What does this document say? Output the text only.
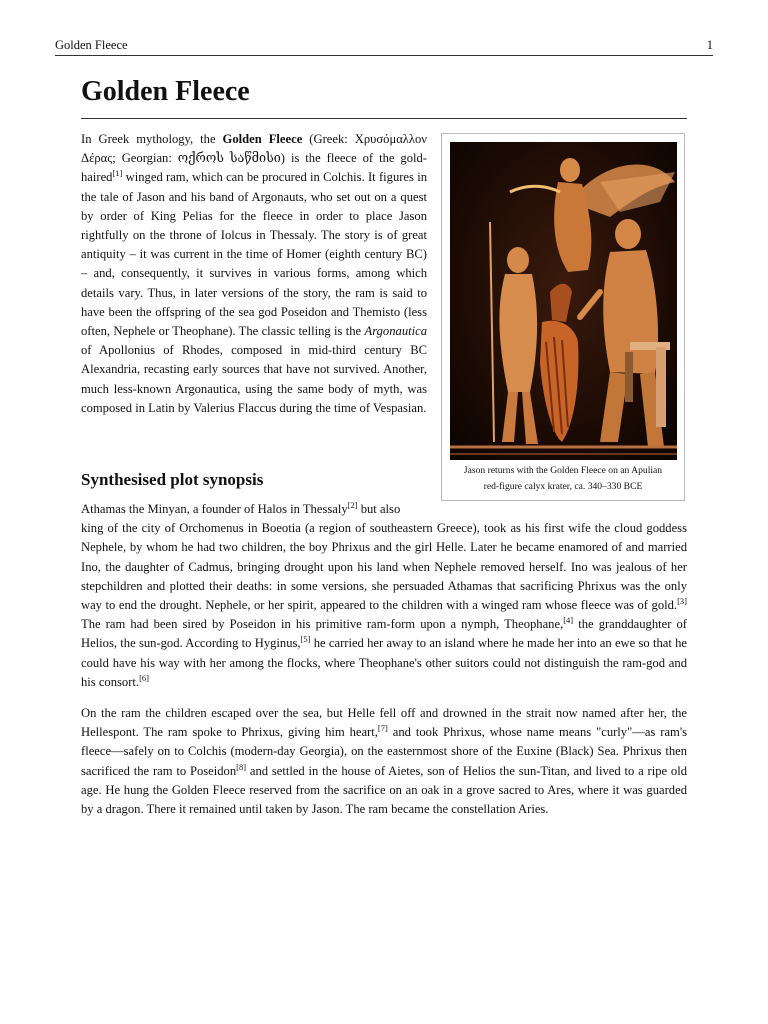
Golden Fleece	1
Golden Fleece

In Greek mythology, the Golden Fleece (Greek: Χρυσόμαλλον Δέρας; Georgian: ოქროს საწმისი) is the fleece of the gold-haired[1] winged ram, which can be procured in Colchis. It figures in the tale of Jason and his band of Argonauts, who set out on a quest by order of King Pelias for the fleece in order to place Jason rightfully on the throne of Iolcus in Thessaly. The story is of great antiquity – it was current in the time of Homer (eighth century BC) – and, consequently, it survives in various forms, among which details vary. Thus, in later versions of the story, the ram is said to have been the offspring of the sea god Poseidon and Themisto (less often, Nephele or Theophane). The classic telling is the Argonautica of Apollonius of Rhodes, composed in mid-third century BC Alexandria, recasting early sources that have not survived. Another, much less-known Argonautica, using the same body of myth, was composed in Latin by Valerius Flaccus during the time of Vespasian.

Jason returns with the Golden Fleece on an Apulian
red-figure calyx krater, ca. 340–330 BCE
Synthesised plot synopsis

Athamas the Minyan, a founder of Halos in Thessaly[2] but also
king of the city of Orchomenus in Boeotia (a region of southeastern Greece), took as his first wife the cloud goddess Nephele, by whom he had two children, the boy Phrixus and the girl Helle. Later he became enamored of and married Ino, the daughter of Cadmus, bringing drought upon his land when Nephele removed herself. Ino was jealous of her stepchildren and plotted their deaths: in some versions, she persuaded Athamas that sacrificing Phrixus was the only way to end the drought. Nephele, or her spirit, appeared to the children with a winged ram whose fleece was of gold.[3] The ram had been sired by Poseidon in his primitive ram-form upon a nymph, Theophane,[4] the granddaughter of Helios, the sun-god. According to Hyginus,[5] he carried her away to an island where he made her into an ewe so that he could have his way with her among the flocks, where Theophane's other suitors could not distinguish the ram-god and his consort.[6]

On the ram the children escaped over the sea, but Helle fell off and drowned in the strait now named after her, the Hellespont. The ram spoke to Phrixus, giving him heart,[7] and took Phrixus, whose name means "curly"―as ram's fleece―safely on to Colchis (modern-day Georgia), on the easternmost shore of the Euxine (Black) Sea. Phrixus then sacrificed the ram to Poseidon[8] and settled in the house of Aietes, son of Helios the sun-Titan, and lived to a ripe old age. He hung the Golden Fleece reserved from the sacrifice on an oak in a grove sacred to Ares, where it was guarded by a dragon. There it remained until taken by Jason. The ram became the constellation Aries.
